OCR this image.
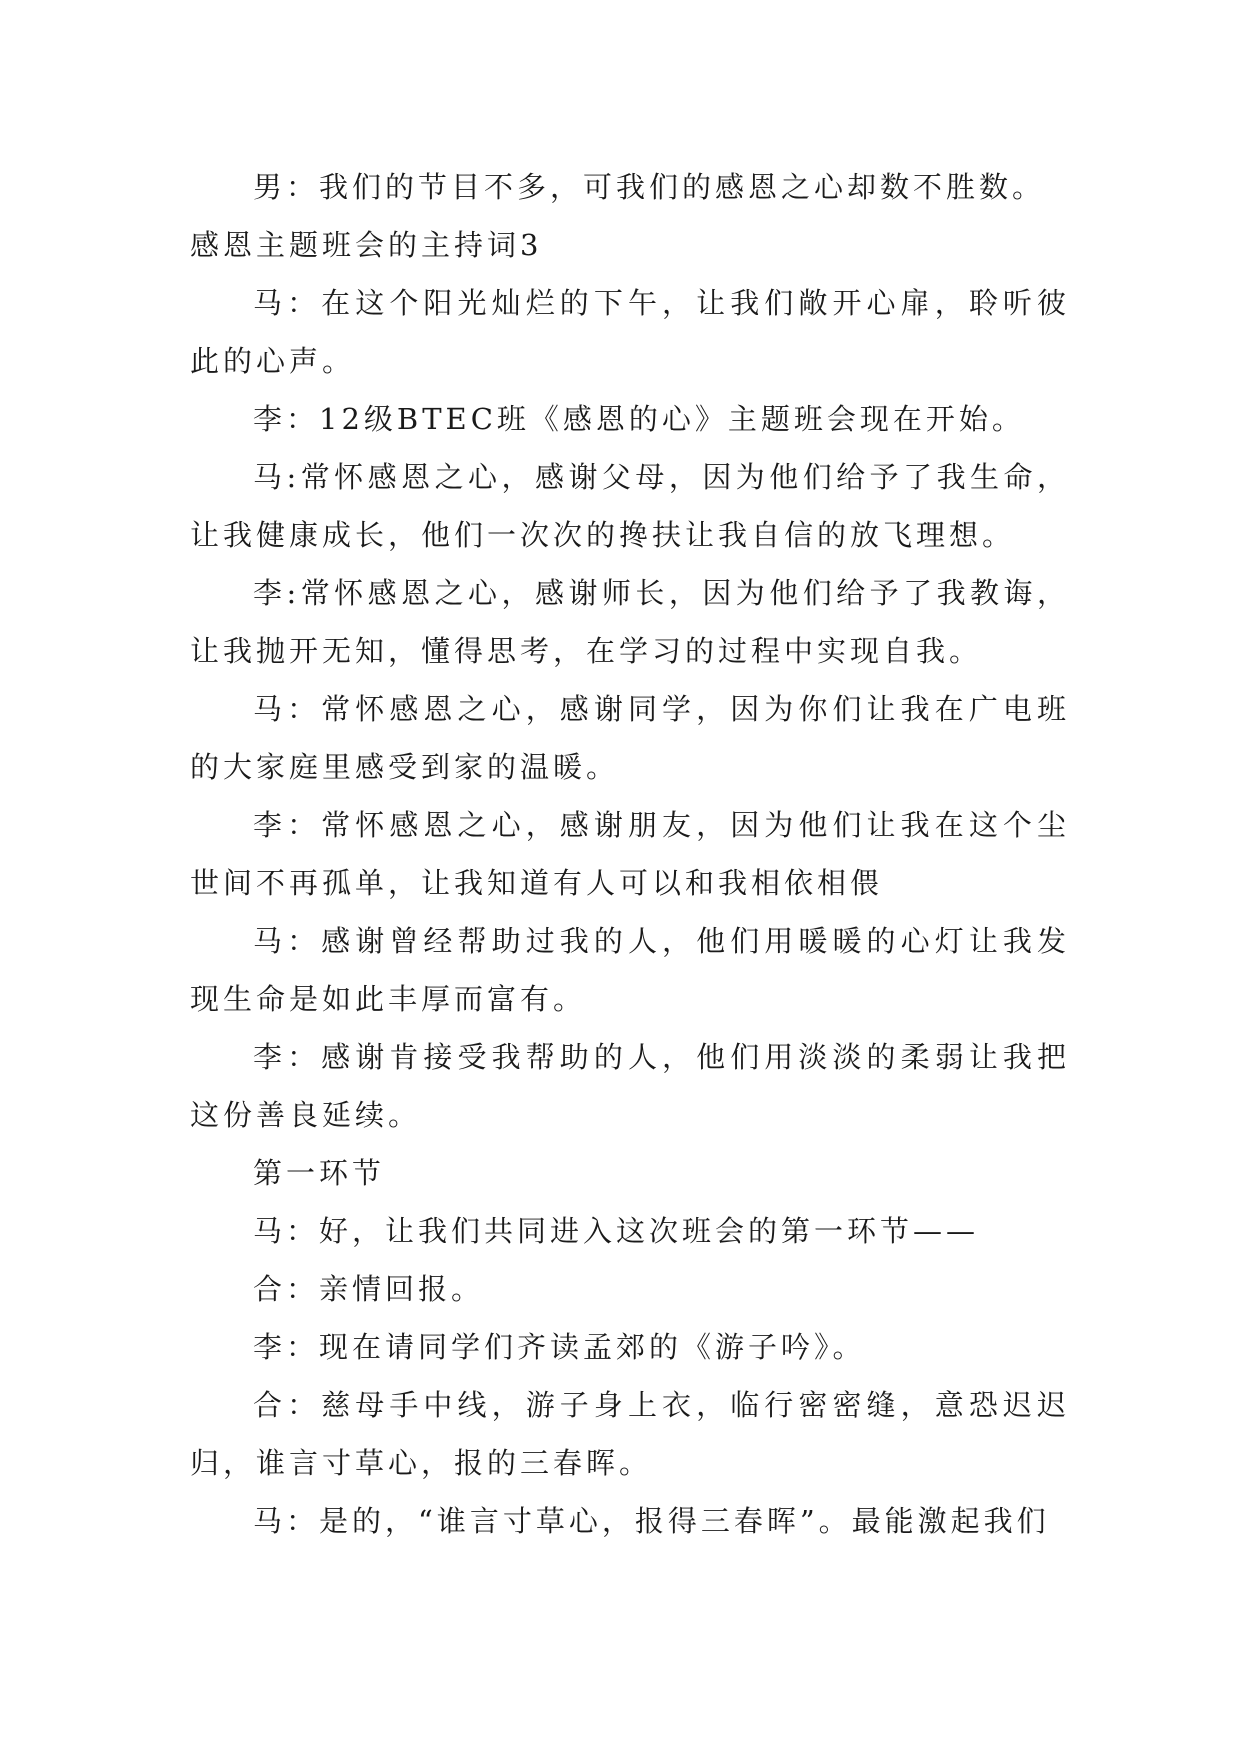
男：我们的节目不多，可我们的感恩之心却数不胜数。

感恩主题班会的主持词3

马：在这个阳光灿烂的下午，让我们敞开心扉，聆听彼此的心声。

李：12级BTEC班《感恩的心》主题班会现在开始。

马:常怀感恩之心，感谢父母，因为他们给予了我生命，让我健康成长，他们一次次的搀扶让我自信的放飞理想。

李:常怀感恩之心，感谢师长，因为他们给予了我教诲，让我抛开无知，懂得思考，在学习的过程中实现自我。

马：常怀感恩之心，感谢同学，因为你们让我在广电班的大家庭里感受到家的温暖。

李：常怀感恩之心，感谢朋友，因为他们让我在这个尘世间不再孤单，让我知道有人可以和我相依相偎

马：感谢曾经帮助过我的人，他们用暖暖的心灯让我发现生命是如此丰厚而富有。

李：感谢肯接受我帮助的人，他们用淡淡的柔弱让我把这份善良延续。

第一环节

马：好，让我们共同进入这次班会的第一环节——

合：亲情回报。

李：现在请同学们齐读孟郊的《游子吟》。

合：慈母手中线，游子身上衣，临行密密缝，意恐迟迟归，谁言寸草心，报的三春晖。

马：是的，“谁言寸草心，报得三春晖”。最能激起我们
